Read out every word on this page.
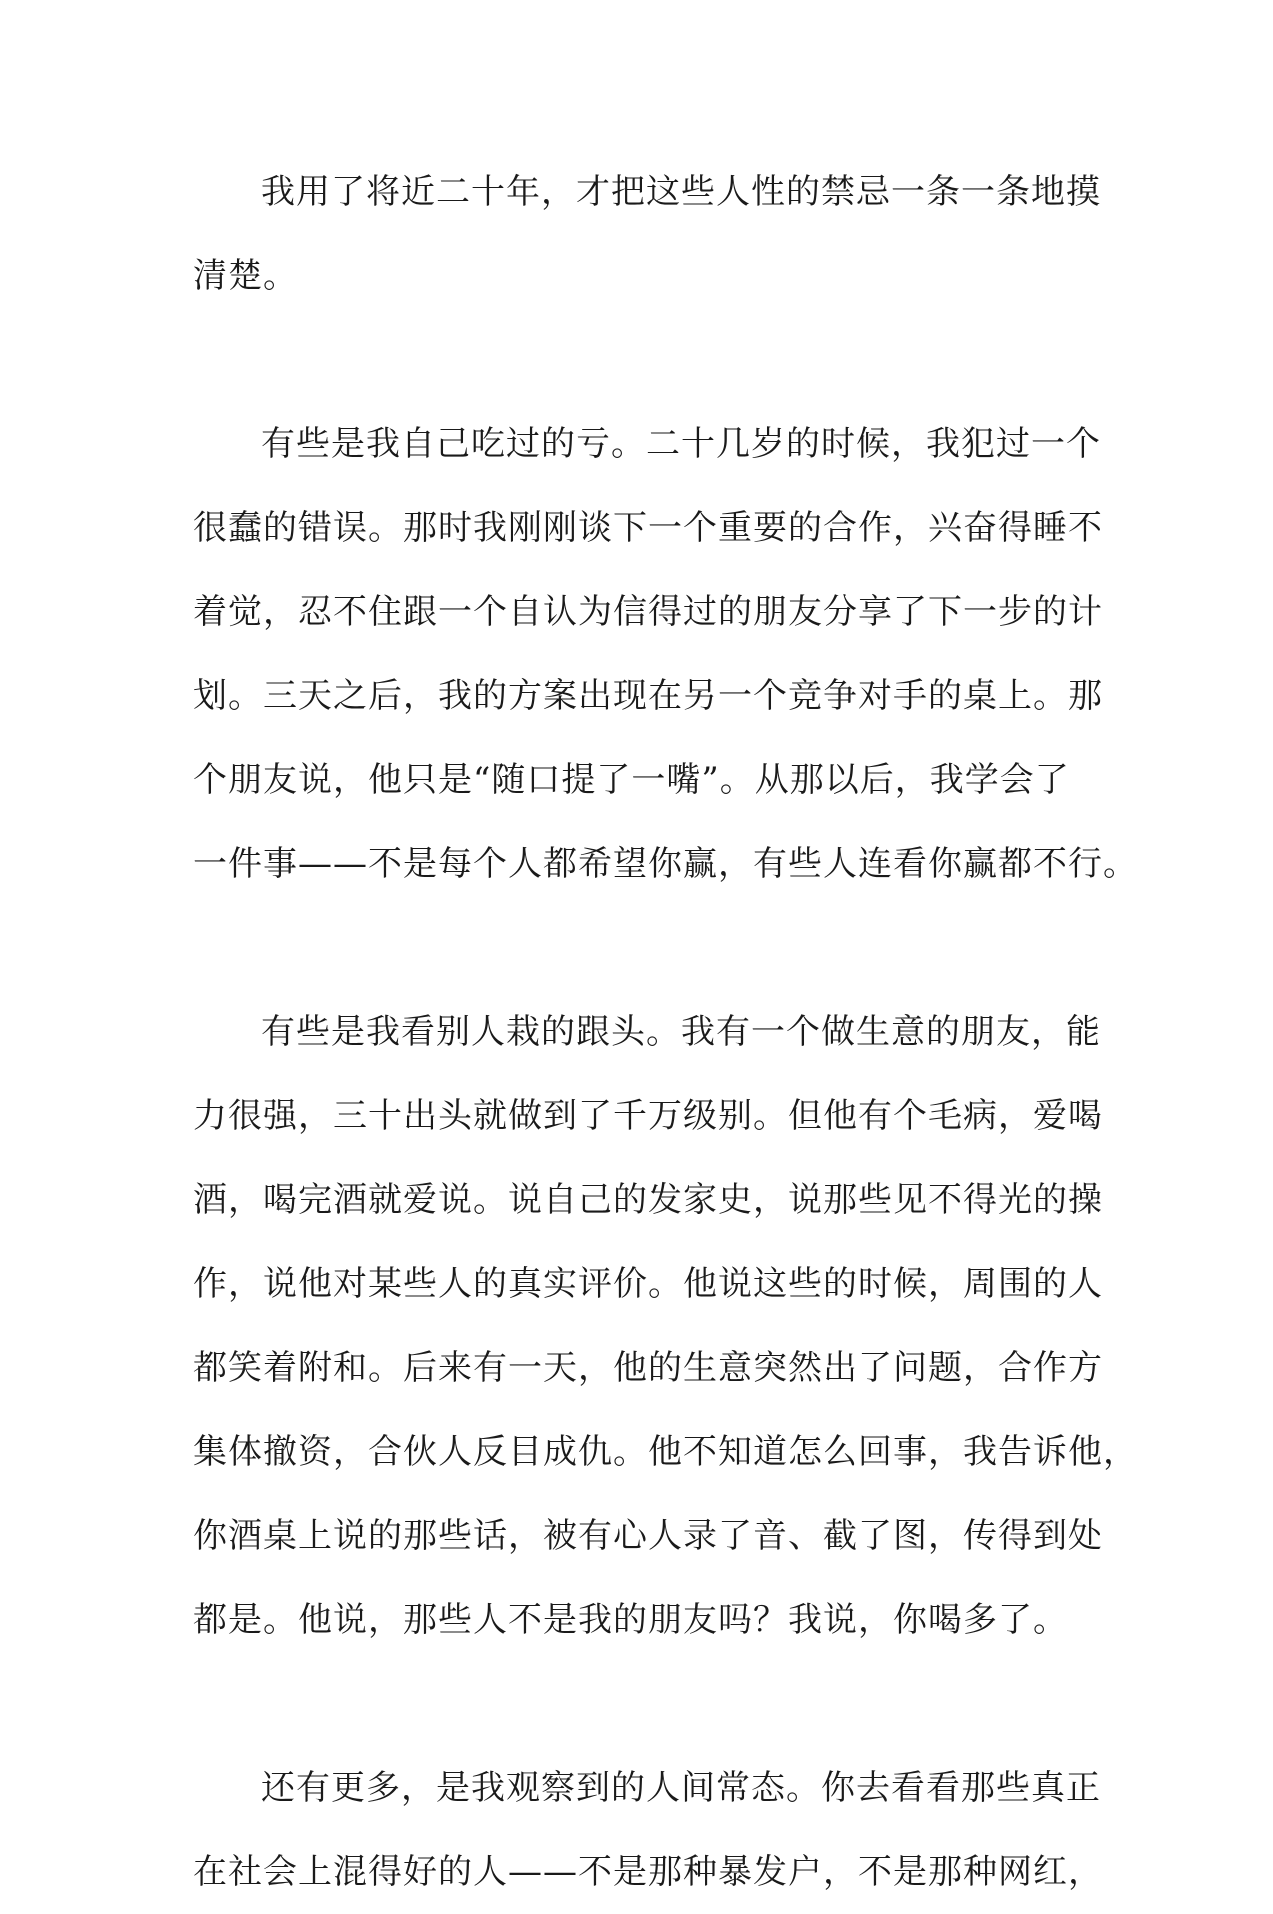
我用了将近二十年，才把这些人性的禁忌一条一条地摸
清楚。
有些是我自己吃过的亏。二十几岁的时候，我犯过一个
很蠢的错误。那时我刚刚谈下一个重要的合作，兴奋得睡不
着觉，忍不住跟一个自认为信得过的朋友分享了下一步的计
划。三天之后，我的方案出现在另一个竞争对手的桌上。那
个朋友说，他只是“随口提了一嘴”。从那以后，我学会了
一件事——不是每个人都希望你赢，有些人连看你赢都不行。
有些是我看别人栽的跟头。我有一个做生意的朋友，能
力很强，三十出头就做到了千万级别。但他有个毛病，爱喝
酒，喝完酒就爱说。说自己的发家史，说那些见不得光的操
作，说他对某些人的真实评价。他说这些的时候，周围的人
都笑着附和。后来有一天，他的生意突然出了问题，合作方
集体撤资，合伙人反目成仇。他不知道怎么回事，我告诉他，
你酒桌上说的那些话，被有心人录了音、截了图，传得到处
都是。他说，那些人不是我的朋友吗？我说，你喝多了。
还有更多，是我观察到的人间常态。你去看看那些真正
在社会上混得好的人——不是那种暴发户，不是那种网红，
